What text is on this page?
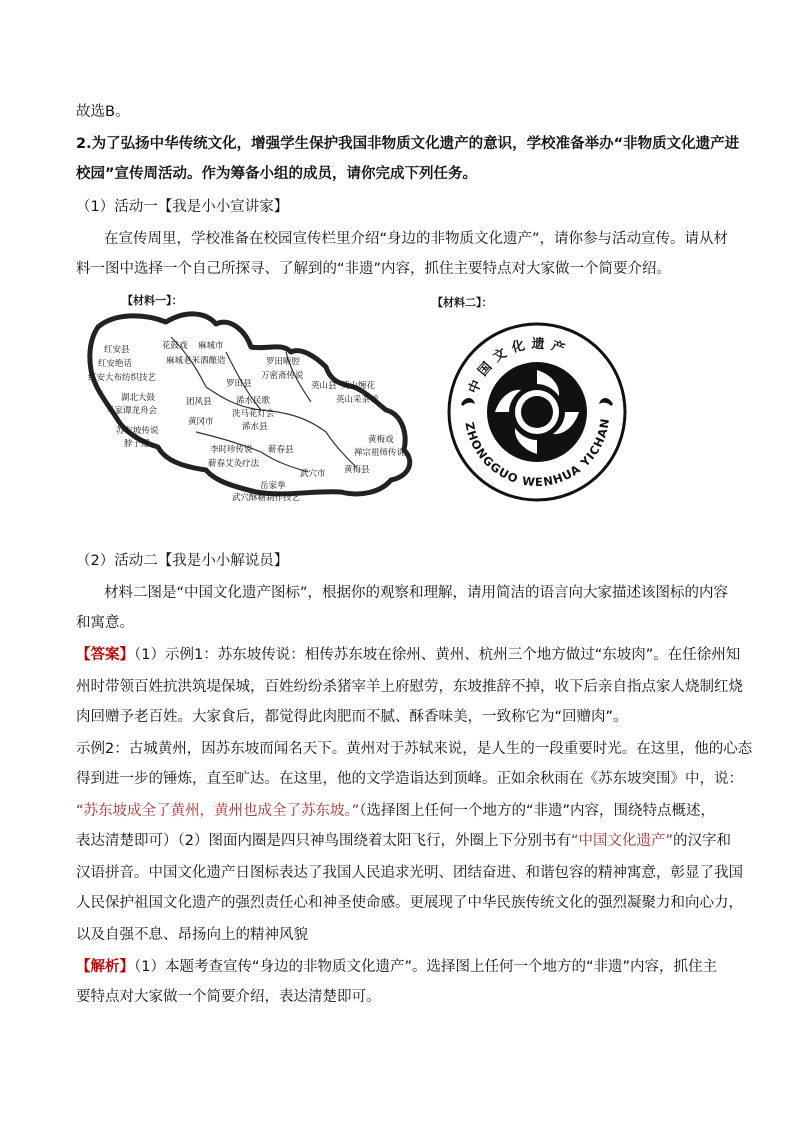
故选B。
2.为了弘扬中华传统文化，增强学生保护我国非物质文化遗产的意识，学校准备举办“非物质文化遗产进
校园”宣传周活动。作为筹备小组的成员，请你完成下列任务。
（1）活动一【我是小小宣讲家】
在宣传周里，学校准备在校园宣传栏里介绍“身边的非物质文化遗产”，请你参与活动宣传。请从材
料一图中选择一个自己所探寻、了解到的“非遗”内容，抓住主要特点对大家做一个简要介绍。
【材料一】：	【材料二】：
红安县
红安绝话
红安大布纺织技艺
花鼓戏 麻城市
麻城老米酒酿造	罗田畈腔
万密斋传说
罗田县	英山县 英山缠花
英山采茶戏
湖北大鼓
马家谭龙舟会
团风县	浠水民歌
洗马花灯会
浠水县
黄冈市
苏东坡传说
脖子逻
李时珍传说 蕲春县
蕲春艾灸疗法
黄梅戏
禅宗祖师传说
黄梅县
武穴市
岳家拳
武穴酥糖制作技艺
中国文化遗产
ZHONGGUO WENHUA YICHAN
（2）活动二【我是小小解说员】
材料二图是“中国文化遗产图标”，根据你的观察和理解，请用简洁的语言向大家描述该图标的内容
和寓意。
【答案】（1）示例1：苏东坡传说：相传苏东坡在徐州、黄州、杭州三个地方做过“东坡肉”。在任徐州知
州时带领百姓抗洪筑堤保城，百姓纷纷杀猪宰羊上府慰劳，东坡推辞不掉，收下后亲自指点家人烧制红烧
肉回赠予老百姓。大家食后，都觉得此肉肥而不腻、酥香味美，一致称它为“回赠肉”。
示例2：古城黄州，因苏东坡而闻名天下。黄州对于苏轼来说，是人生的一段重要时光。在这里，他的心态
得到进一步的锤炼，直至旷达。在这里，他的文学造诣达到顶峰。正如余秋雨在《苏东坡突围》中，说：
“苏东坡成全了黄州，黄州也成全了苏东坡。”（选择图上任何一个地方的“非遗”内容，围绕特点概述，
表达清楚即可）（2）图面内圈是四只神鸟围绕着太阳飞行，外圈上下分别书有“中国文化遗产”的汉字和
汉语拼音。中国文化遗产日图标表达了我国人民追求光明、团结奋进、和谐包容的精神寓意，彰显了我国
人民保护祖国文化遗产的强烈责任心和神圣使命感。更展现了中华民族传统文化的强烈凝聚力和向心力，
以及自强不息、昂扬向上的精神风貌
【解析】（1）本题考查宣传“身边的非物质文化遗产”。选择图上任何一个地方的“非遗”内容，抓住主
要特点对大家做一个简要介绍，表达清楚即可。
